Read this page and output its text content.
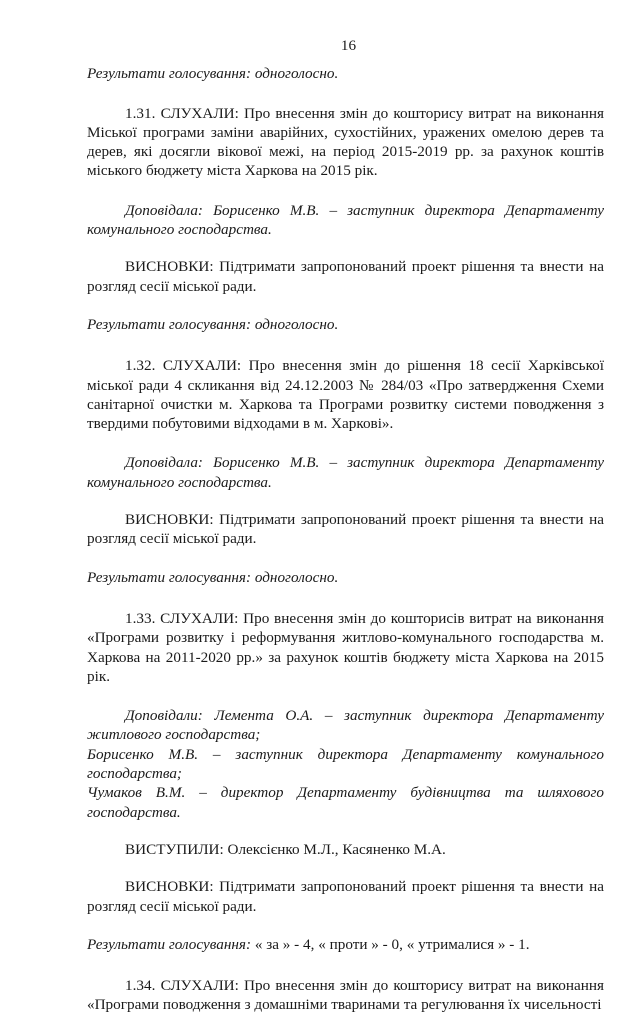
16

Результати голосування: одноголосно.

1.31. СЛУХАЛИ: Про внесення змін до кошторису витрат на виконання Міської програми заміни аварійних, сухостійних, уражених омелою дерев та дерев, які досягли вікової межі, на період 2015-2019 рр. за рахунок коштів міського бюджету міста Харкова на 2015 рік.

Доповідала: Борисенко М.В. – заступник директора Департаменту комунального господарства.

ВИСНОВКИ: Підтримати запропонований проект рішення та внести на розгляд сесії міської ради.

Результати голосування: одноголосно.

1.32. СЛУХАЛИ: Про внесення змін до рішення 18 сесії Харківської міської ради 4 скликання від 24.12.2003 № 284/03 «Про затвердження Схеми санітарної очистки м. Харкова та Програми розвитку системи поводження з твердими побутовими відходами в м. Харкові».

Доповідала: Борисенко М.В. – заступник директора Департаменту комунального господарства.

ВИСНОВКИ: Підтримати запропонований проект рішення та внести на розгляд сесії міської ради.

Результати голосування: одноголосно.

1.33. СЛУХАЛИ: Про внесення змін до кошторисів витрат на виконання «Програми розвитку і реформування житлово-комунального господарства м. Харкова на 2011-2020 рр.» за рахунок коштів бюджету міста Харкова на 2015 рік.

Доповідали: Лемента О.А. – заступник директора Департаменту житлового господарства;

Борисенко М.В. – заступник директора Департаменту комунального господарства;

Чумаков В.М. – директор Департаменту будівництва та шляхового господарства.

ВИСТУПИЛИ: Олексієнко М.Л., Касяненко М.А.

ВИСНОВКИ: Підтримати запропонований проект рішення та внести на розгляд сесії міської ради.

Результати голосування: « за » - 4, « проти » - 0, « утрималися » - 1.

1.34. СЛУХАЛИ: Про внесення змін до кошторису витрат на виконання «Програми поводження з домашніми тваринами та регулювання їх чисельності
